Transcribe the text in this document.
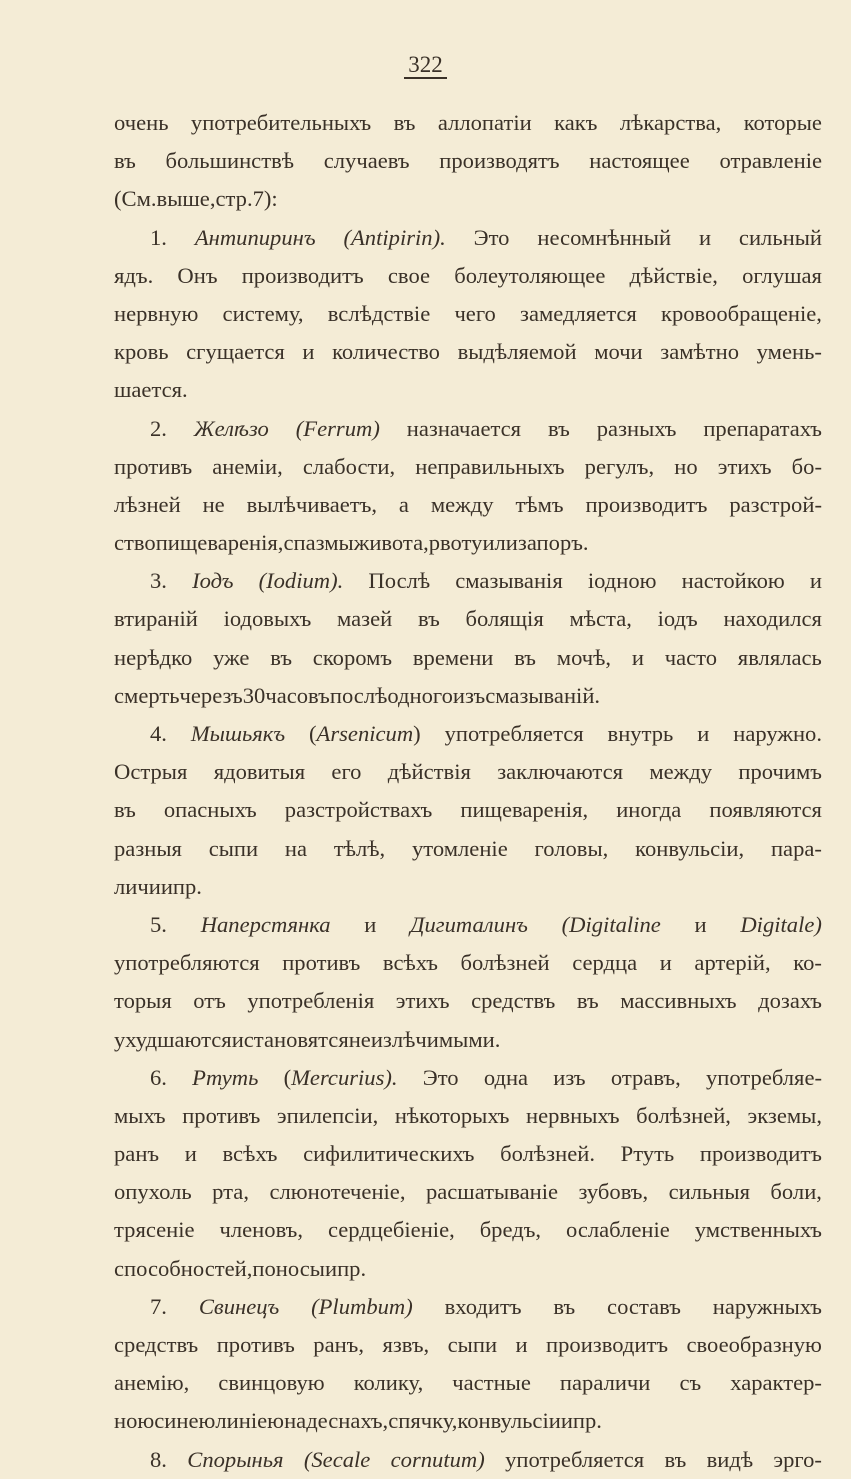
322
очень употребительныхъ въ аллопатіи какъ лѣкарства, которые
въ большинствѣ случаевъ производятъ настоящее отравленіе
(См. выше, стр. 7):
1. Антипиринъ (Antipirin). Это несомнѣнный и сильный
ядъ. Онъ производитъ свое болеутоляющее дѣйствіе, оглушая
нервную систему, вслѣдствіе чего замедляется кровообращеніе,
кровь сгущается и количество выдѣляемой мочи замѣтно умень-
шается.
2. Желѣзо (Ferrum) назначается въ разныхъ препаратахъ
противъ анеміи, слабости, неправильныхъ регулъ, но этихъ бо-
лѣзней не вылѣчиваетъ, а между тѣмъ производитъ разстрой-
ство пищеваренія, спазмы живота, рвоту или запоръ.
3. Іодъ (Іodium). Послѣ смазыванія іодною настойкою и
втираній іодовыхъ мазей въ болящія мѣста, іодъ находился
нерѣдко уже въ скоромъ времени въ мочѣ, и часто являлась
смерть черезъ 30 часовъ послѣ одного изъ смазываній.
4. Мышьякъ (Arsenicum) употребляется внутрь и наружно.
Острыя ядовитыя его дѣйствія заключаются между прочимъ
въ опасныхъ разстройствахъ пищеваренія, иногда появляются
разныя сыпи на тѣлѣ, утомленіе головы, конвульсіи, пара-
личи и пр.
5. Наперстянка и Дигиталинъ (Digitaline и Digitale)
употребляются противъ всѣхъ болѣзней сердца и артерій, ко-
торыя отъ употребленія этихъ средствъ въ массивныхъ дозахъ
ухудшаются и становятся неизлѣчимыми.
6. Ртуть (Mercurius). Это одна изъ отравъ, употребляе-
мыхъ противъ эпилепсіи, нѣкоторыхъ нервныхъ болѣзней, экземы,
ранъ и всѣхъ сифилитическихъ болѣзней. Ртуть производитъ
опухоль рта, слюнотеченіе, расшатываніе зубовъ, сильныя боли,
трясеніе членовъ, сердцебіеніе, бредъ, ослабленіе умственныхъ
способностей, поносы и пр.
7. Свинецъ (Plumbum) входитъ въ составъ наружныхъ
средствъ противъ ранъ, язвъ, сыпи и производитъ своеобразную
анемію, свинцовую колику, частные параличи съ характер-
ною синею линіею на деснахъ, спячку, конвульсіи и пр.
8. Спорынья (Secale cornutum) употребляется въ видѣ эрго-
